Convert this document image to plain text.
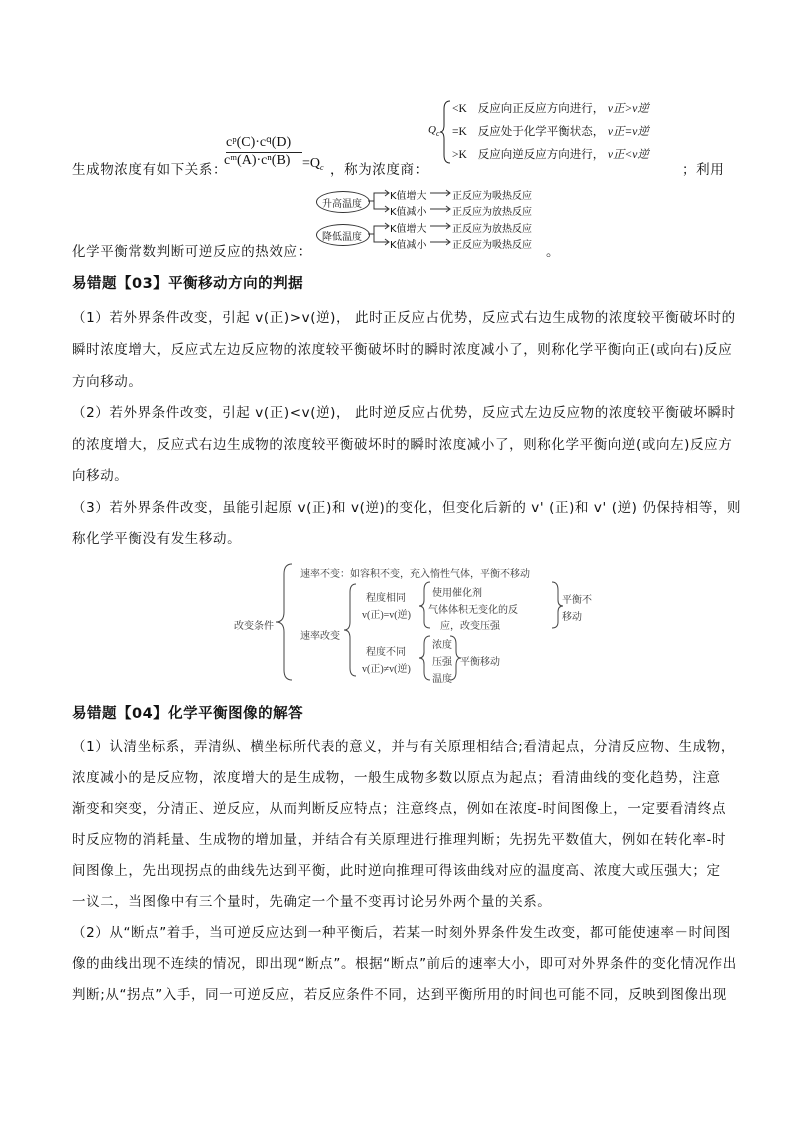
cᵖ(C)·c𐞥(D)
cᵐ(A)·cⁿ(B) $=Q_c$
生成物浓度有如下关系：	，称为浓度商：
$Q_c$
<K 反应向正反应方向进行， v正>v逆
=K 反应处于化学平衡状态， v正=v逆
>K 反应向逆反应方向进行， v正<v逆
；利用
化学平衡常数判断可逆反应的热效应：
升高温度
K值增大	正反应为吸热反应
K值减小	正反应为放热反应
降低温度
K值增大	正反应为放热反应
K值减小	正反应为吸热反应 。
易错题【03】平衡移动方向的判据
（1）若外界条件改变，引起 v(正)>v(逆)， 此时正反应占优势，反应式右边生成物的浓度较平衡破坏时的
瞬时浓度增大，反应式左边反应物的浓度较平衡破坏时的瞬时浓度减小了，则称化学平衡向正(或向右)反应
方向移动。
（2）若外界条件改变，引起 v(正)<v(逆)， 此时逆反应占优势，反应式左边反应物的浓度较平衡破坏瞬时
的浓度增大，反应式右边生成物的浓度较平衡破坏时的瞬时浓度减小了，则称化学平衡向逆(或向左)反应方
向移动。
（3）若外界条件改变，虽能引起原 v(正)和 v(逆)的变化，但变化后新的 v' (正)和 v' (逆) 仍保持相等，则
称化学平衡没有发生移动。
改变条件
速率不变：如容积不变，充入惰性气体，平衡不移动
速率改变
程度相同
v(正)=v(逆)
使用催化剂
气体体积无变化的反
应，改变压强
平衡不
移动
程度不同
v(正)≠v(逆)
浓度
压强
温度
平衡移动
易错题【04】化学平衡图像的解答
（1）认清坐标系，弄清纵、横坐标所代表的意义，并与有关原理相结合;看清起点，分清反应物、生成物，
浓度减小的是反应物，浓度增大的是生成物，一般生成物多数以原点为起点；看清曲线的变化趋势，注意
渐变和突变，分清正、逆反应，从而判断反应特点；注意终点，例如在浓度-时间图像上，一定要看清终点
时反应物的消耗量、生成物的增加量，并结合有关原理进行推理判断；先拐先平数值大，例如在转化率-时
间图像上，先出现拐点的曲线先达到平衡，此时逆向推理可得该曲线对应的温度高、浓度大或压强大；定
一议二，当图像中有三个量时，先确定一个量不变再讨论另外两个量的关系。
（2）从“断点”着手，当可逆反应达到一种平衡后，若某一时刻外界条件发生改变，都可能使速率－时间图
像的曲线出现不连续的情况，即出现“断点”。根据“断点”前后的速率大小，即可对外界条件的变化情况作出
判断;从“拐点”入手，同一可逆反应，若反应条件不同，达到平衡所用的时间也可能不同，反映到图像出现
